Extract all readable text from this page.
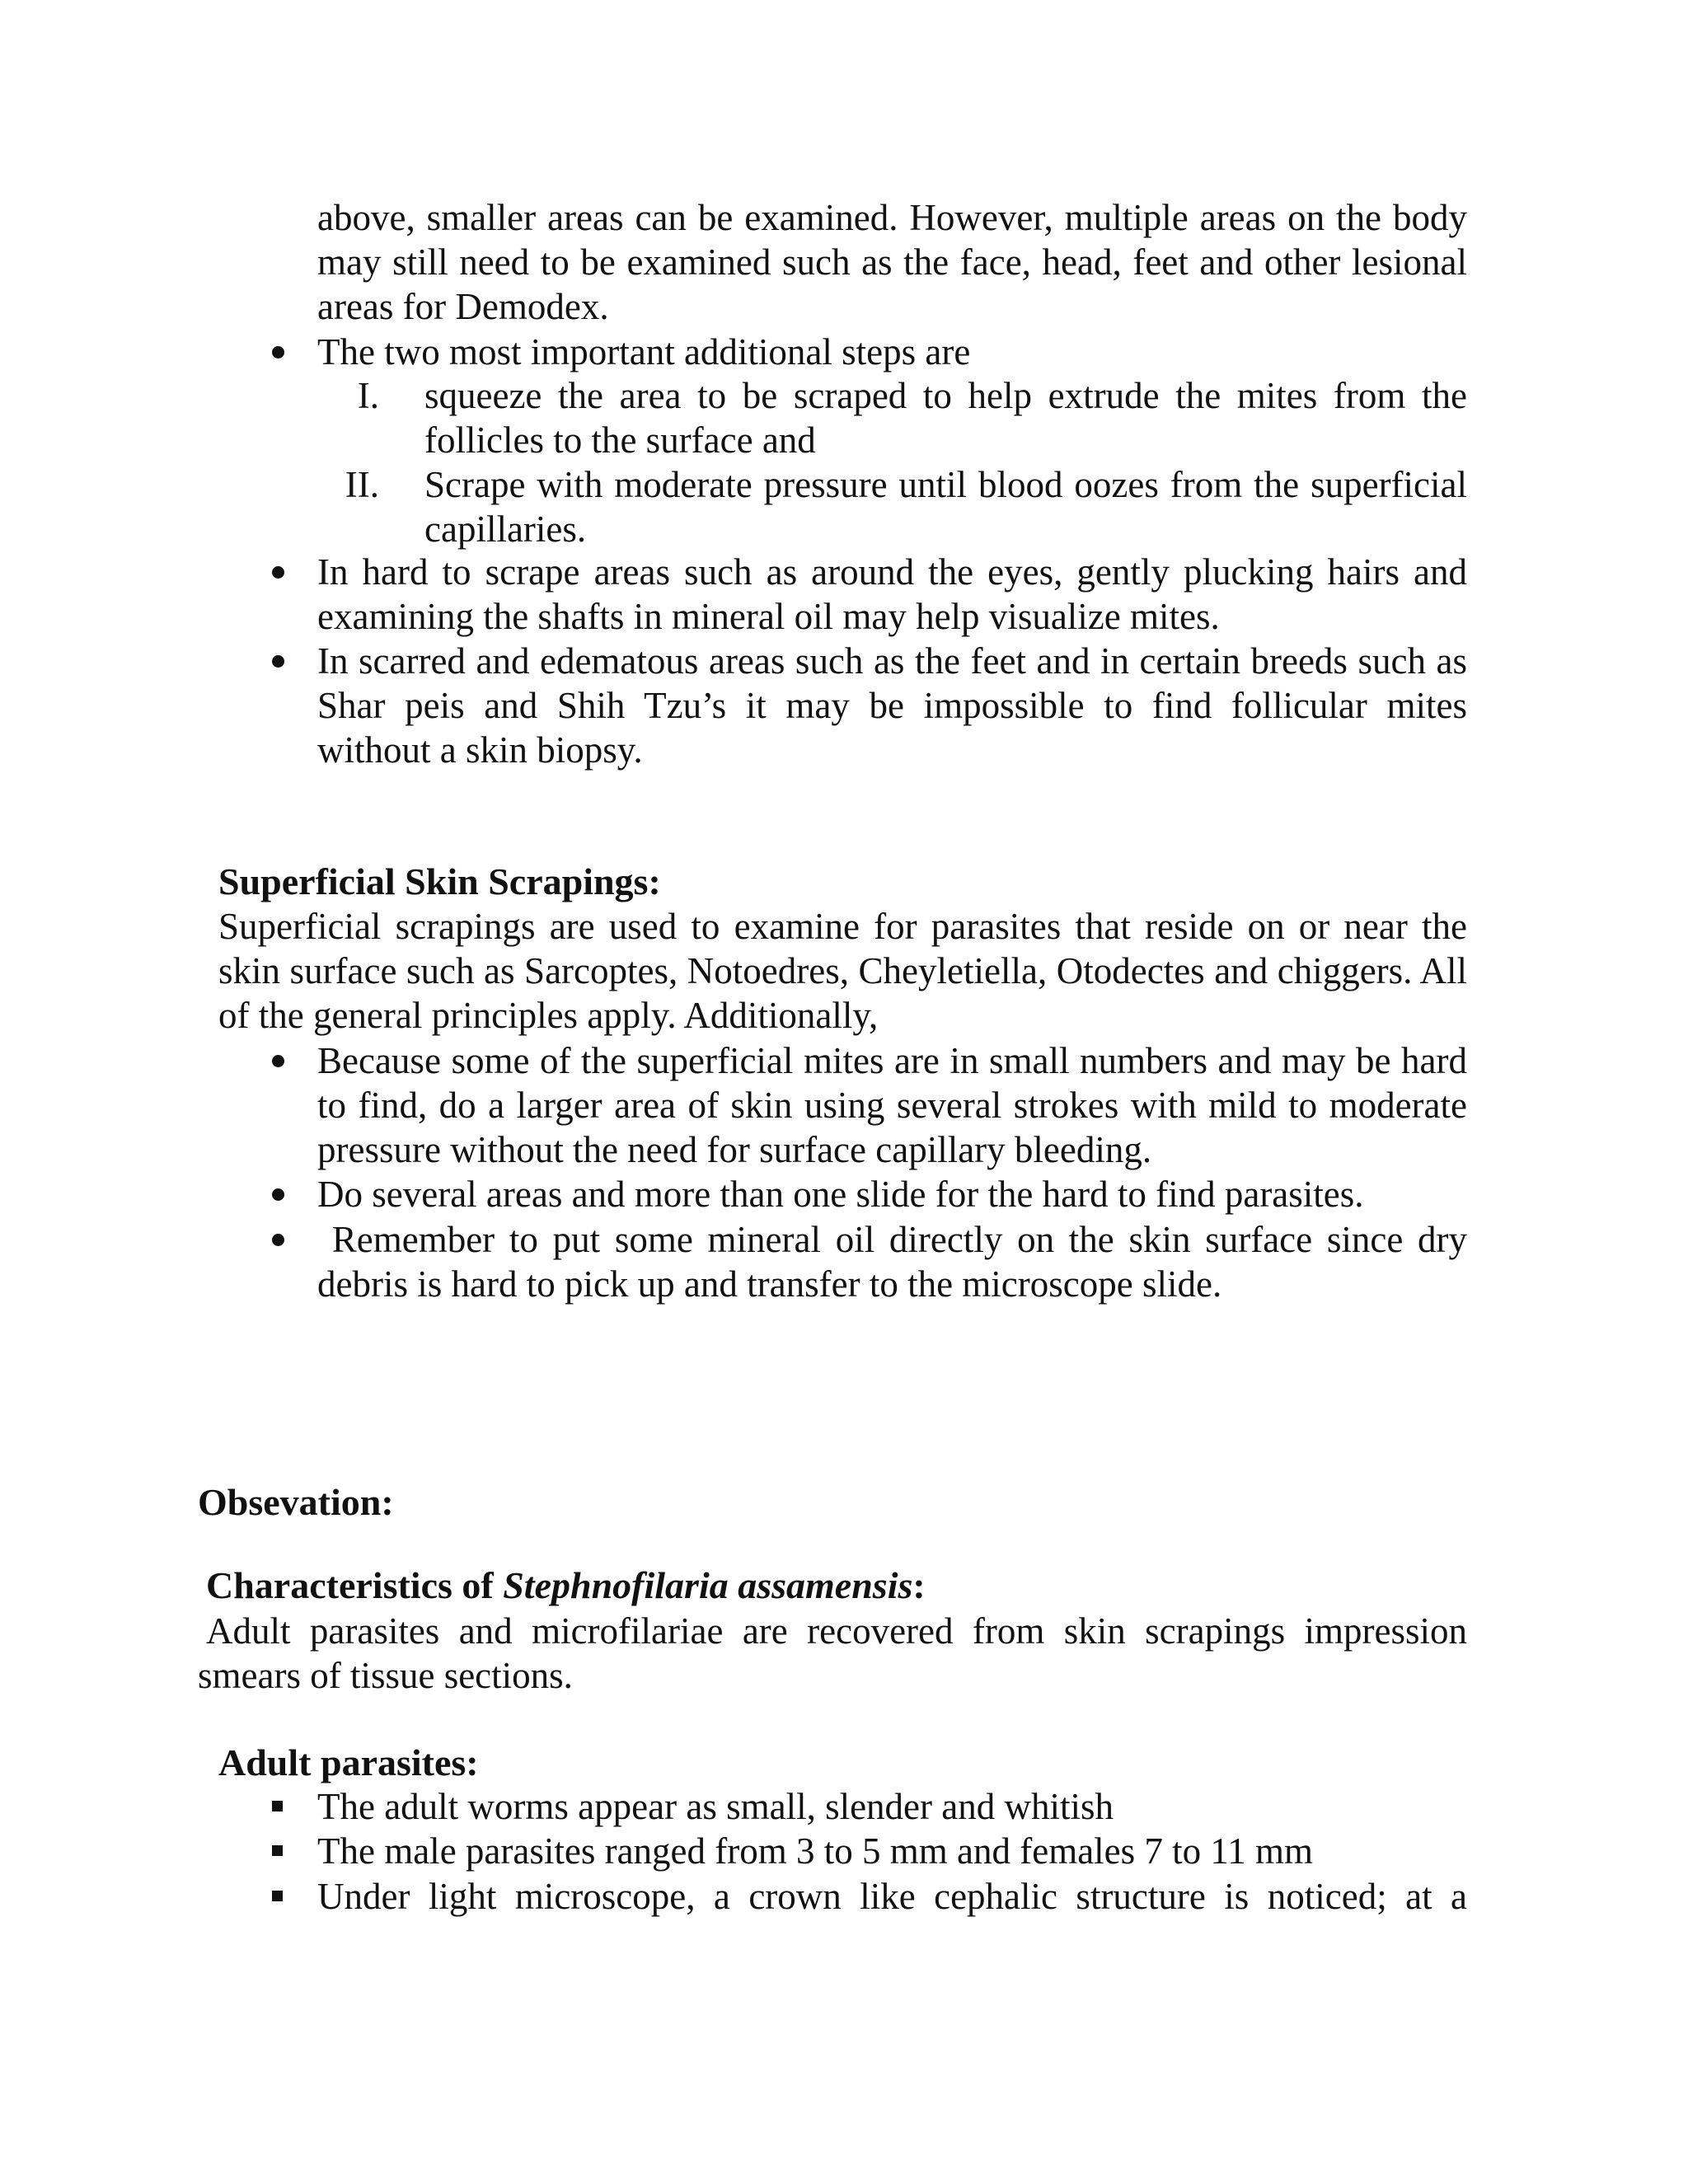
above, smaller areas can be examined. However, multiple areas on the body may still need to be examined such as the face, head, feet and other lesional areas for Demodex.

The two most important additional steps are

I. squeeze the area to be scraped to help extrude the mites from the follicles to the surface and

II. Scrape with moderate pressure until blood oozes from the superficial capillaries.

In hard to scrape areas such as around the eyes, gently plucking hairs and examining the shafts in mineral oil may help visualize mites.

In scarred and edematous areas such as the feet and in certain breeds such as Shar peis and Shih Tzu’s it may be impossible to find follicular mites without a skin biopsy.

Superficial Skin Scrapings:

Superficial scrapings are used to examine for parasites that reside on or near the skin surface such as Sarcoptes, Notoedres, Cheyletiella, Otodectes and chiggers. All of the general principles apply. Additionally,

Because some of the superficial mites are in small numbers and may be hard to find, do a larger area of skin using several strokes with mild to moderate pressure without the need for surface capillary bleeding.

Do several areas and more than one slide for the hard to find parasites.

Remember to put some mineral oil directly on the skin surface since dry debris is hard to pick up and transfer to the microscope slide.

Obsevation:

Characteristics of Stephnofilaria assamensis:

Adult parasites and microfilariae are recovered from skin scrapings impression smears of tissue sections.

Adult parasites:

The adult worms appear as small, slender and whitish

The male parasites ranged from 3 to 5 mm and females 7 to 11 mm

Under light microscope, a crown like cephalic structure is noticed; at a
